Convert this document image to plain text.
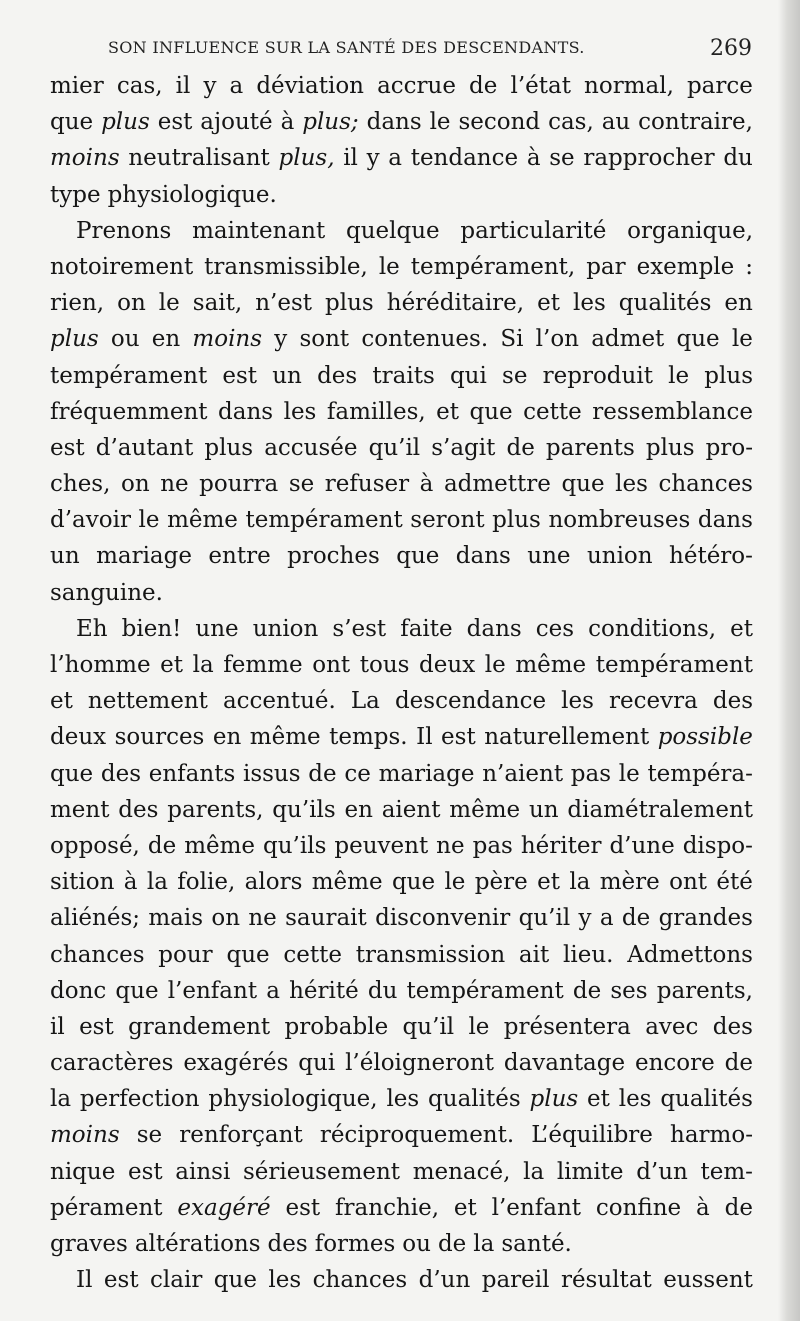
SON INFLUENCE SUR LA SANTÉ DES DESCENDANTS.	269
mier cas, il y a déviation accrue de l’état normal, parce
que plus est ajouté à plus; dans le second cas, au contraire,
moins neutralisant plus, il y a tendance à se rapprocher du
type physiologique.
Prenons maintenant quelque particularité organique,
notoirement transmissible, le tempérament, par exemple :
rien, on le sait, n’est plus héréditaire, et les qualités en
plus ou en moins y sont contenues. Si l’on admet que le
tempérament est un des traits qui se reproduit le plus
fréquemment dans les familles, et que cette ressemblance
est d’autant plus accusée qu’il s’agit de parents plus pro-
ches, on ne pourra se refuser à admettre que les chances
d’avoir le même tempérament seront plus nombreuses dans
un mariage entre proches que dans une union hétéro-
sanguine.
Eh bien! une union s’est faite dans ces conditions, et
l’homme et la femme ont tous deux le même tempérament
et nettement accentué. La descendance les recevra des
deux sources en même temps. Il est naturellement possible
que des enfants issus de ce mariage n’aient pas le tempéra-
ment des parents, qu’ils en aient même un diamétralement
opposé, de même qu’ils peuvent ne pas hériter d’une dispo-
sition à la folie, alors même que le père et la mère ont été
aliénés; mais on ne saurait disconvenir qu’il y a de grandes
chances pour que cette transmission ait lieu. Admettons
donc que l’enfant a hérité du tempérament de ses parents,
il est grandement probable qu’il le présentera avec des
caractères exagérés qui l’éloigneront davantage encore de
la perfection physiologique, les qualités plus et les qualités
moins se renforçant réciproquement. L’équilibre harmo-
nique est ainsi sérieusement menacé, la limite d’un tem-
pérament exagéré est franchie, et l’enfant confine à de
graves altérations des formes ou de la santé.
Il est clair que les chances d’un pareil résultat eussent
